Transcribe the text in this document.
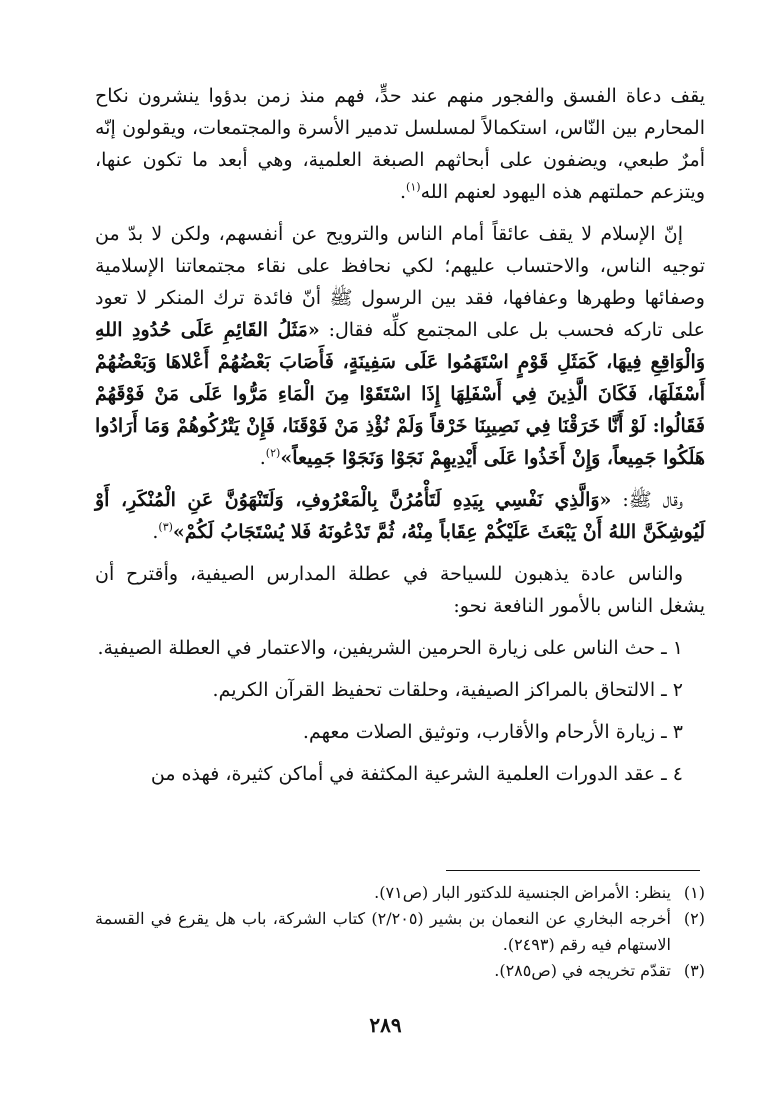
يقف دعاة الفسق والفجور منهم عند حدٍّ، فهم منذ زمن بدؤوا ينشرون نكاح المحارم بين النّاس، استكمالاً لمسلسل تدمير الأسرة والمجتمعات، ويقولون إنّه أمرٌ طبعي، ويضفون على أبحاثهم الصبغة العلمية، وهي أبعد ما تكون عنها، ويتزعم حملتهم هذه اليهود لعنهم الله$^{(١)}$.

إنّ الإسلام لا يقف عائقاً أمام الناس والترويح عن أنفسهم، ولكن لا بدّ من توجيه الناس، والاحتساب عليهم؛ لكي نحافظ على نقاء مجتمعاتنا الإسلامية وصفائها وطهرها وعفافها، فقد بين الرسول ﷺ أنّ فائدة ترك المنكر لا تعود على تاركه فحسب بل على المجتمع كلِّه فقال: «مَثَلُ القَائِمِ عَلَى حُدُودِ اللهِ وَالْوَاقِعِ فِيهَا، كَمَثَلِ قَوْمٍ اسْتَهَمُوا عَلَى سَفِينَةٍ، فَأَصَابَ بَعْضُهُمْ أَعْلاهَا وَبَعْضُهُمْ أَسْفَلَهَا، فَكَانَ الَّذِينَ فِي أَسْفَلِهَا إِذَا اسْتَقَوْا مِنَ الْمَاءِ مَرُّوا عَلَى مَنْ فَوْقَهُمْ فَقَالُوا: لَوْ أَنَّا خَرَقْنَا فِي نَصِيبِنَا خَرْقاً وَلَمْ نُؤْذِ مَنْ فَوْقَنَا، فَإِنْ يَتْرُكُوهُمْ وَمَا أَرَادُوا هَلَكُوا جَمِيعاً، وَإِنْ أَخَذُوا عَلَى أَيْدِيهِمْ نَجَوْا وَنَجَوْا جَمِيعاً»$^{(٢)}$.

وقال ﷺ: «وَالَّذِي نَفْسِي بِيَدِهِ لَتَأْمُرُنَّ بِالْمَعْرُوفِ، وَلَتَنْهَوُنَّ عَنِ الْمُنْكَرِ، أَوْ لَيُوشِكَنَّ اللهُ أَنْ يَبْعَثَ عَلَيْكُمْ عِقَاباً مِنْهُ، ثُمَّ تَدْعُونَهُ فَلا يُسْتَجَابُ لَكُمْ»$^{(٣)}$.

والناس عادة يذهبون للسياحة في عطلة المدارس الصيفية، وأقترح أن يشغل الناس بالأمور النافعة نحو:

١ ـ حث الناس على زيارة الحرمين الشريفين، والاعتمار في العطلة الصيفية.

٢ ـ الالتحاق بالمراكز الصيفية، وحلقات تحفيظ القرآن الكريم.

٣ ـ زيارة الأرحام والأقارب، وتوثيق الصلات معهم.

٤ ـ عقد الدورات العلمية الشرعية المكثفة في أماكن كثيرة، فهذه من

(١)
ينظر: الأمراض الجنسية للدكتور البار (ص٧١).

(٢)
أخرجه البخاري عن النعمان بن بشير (٢/٢٠٥) كتاب الشركة، باب هل يقرع في القسمة الاستهام فيه رقم (٢٤٩٣).

(٣)
تقدّم تخريجه في (ص٢٨٥).

٢٨٩
